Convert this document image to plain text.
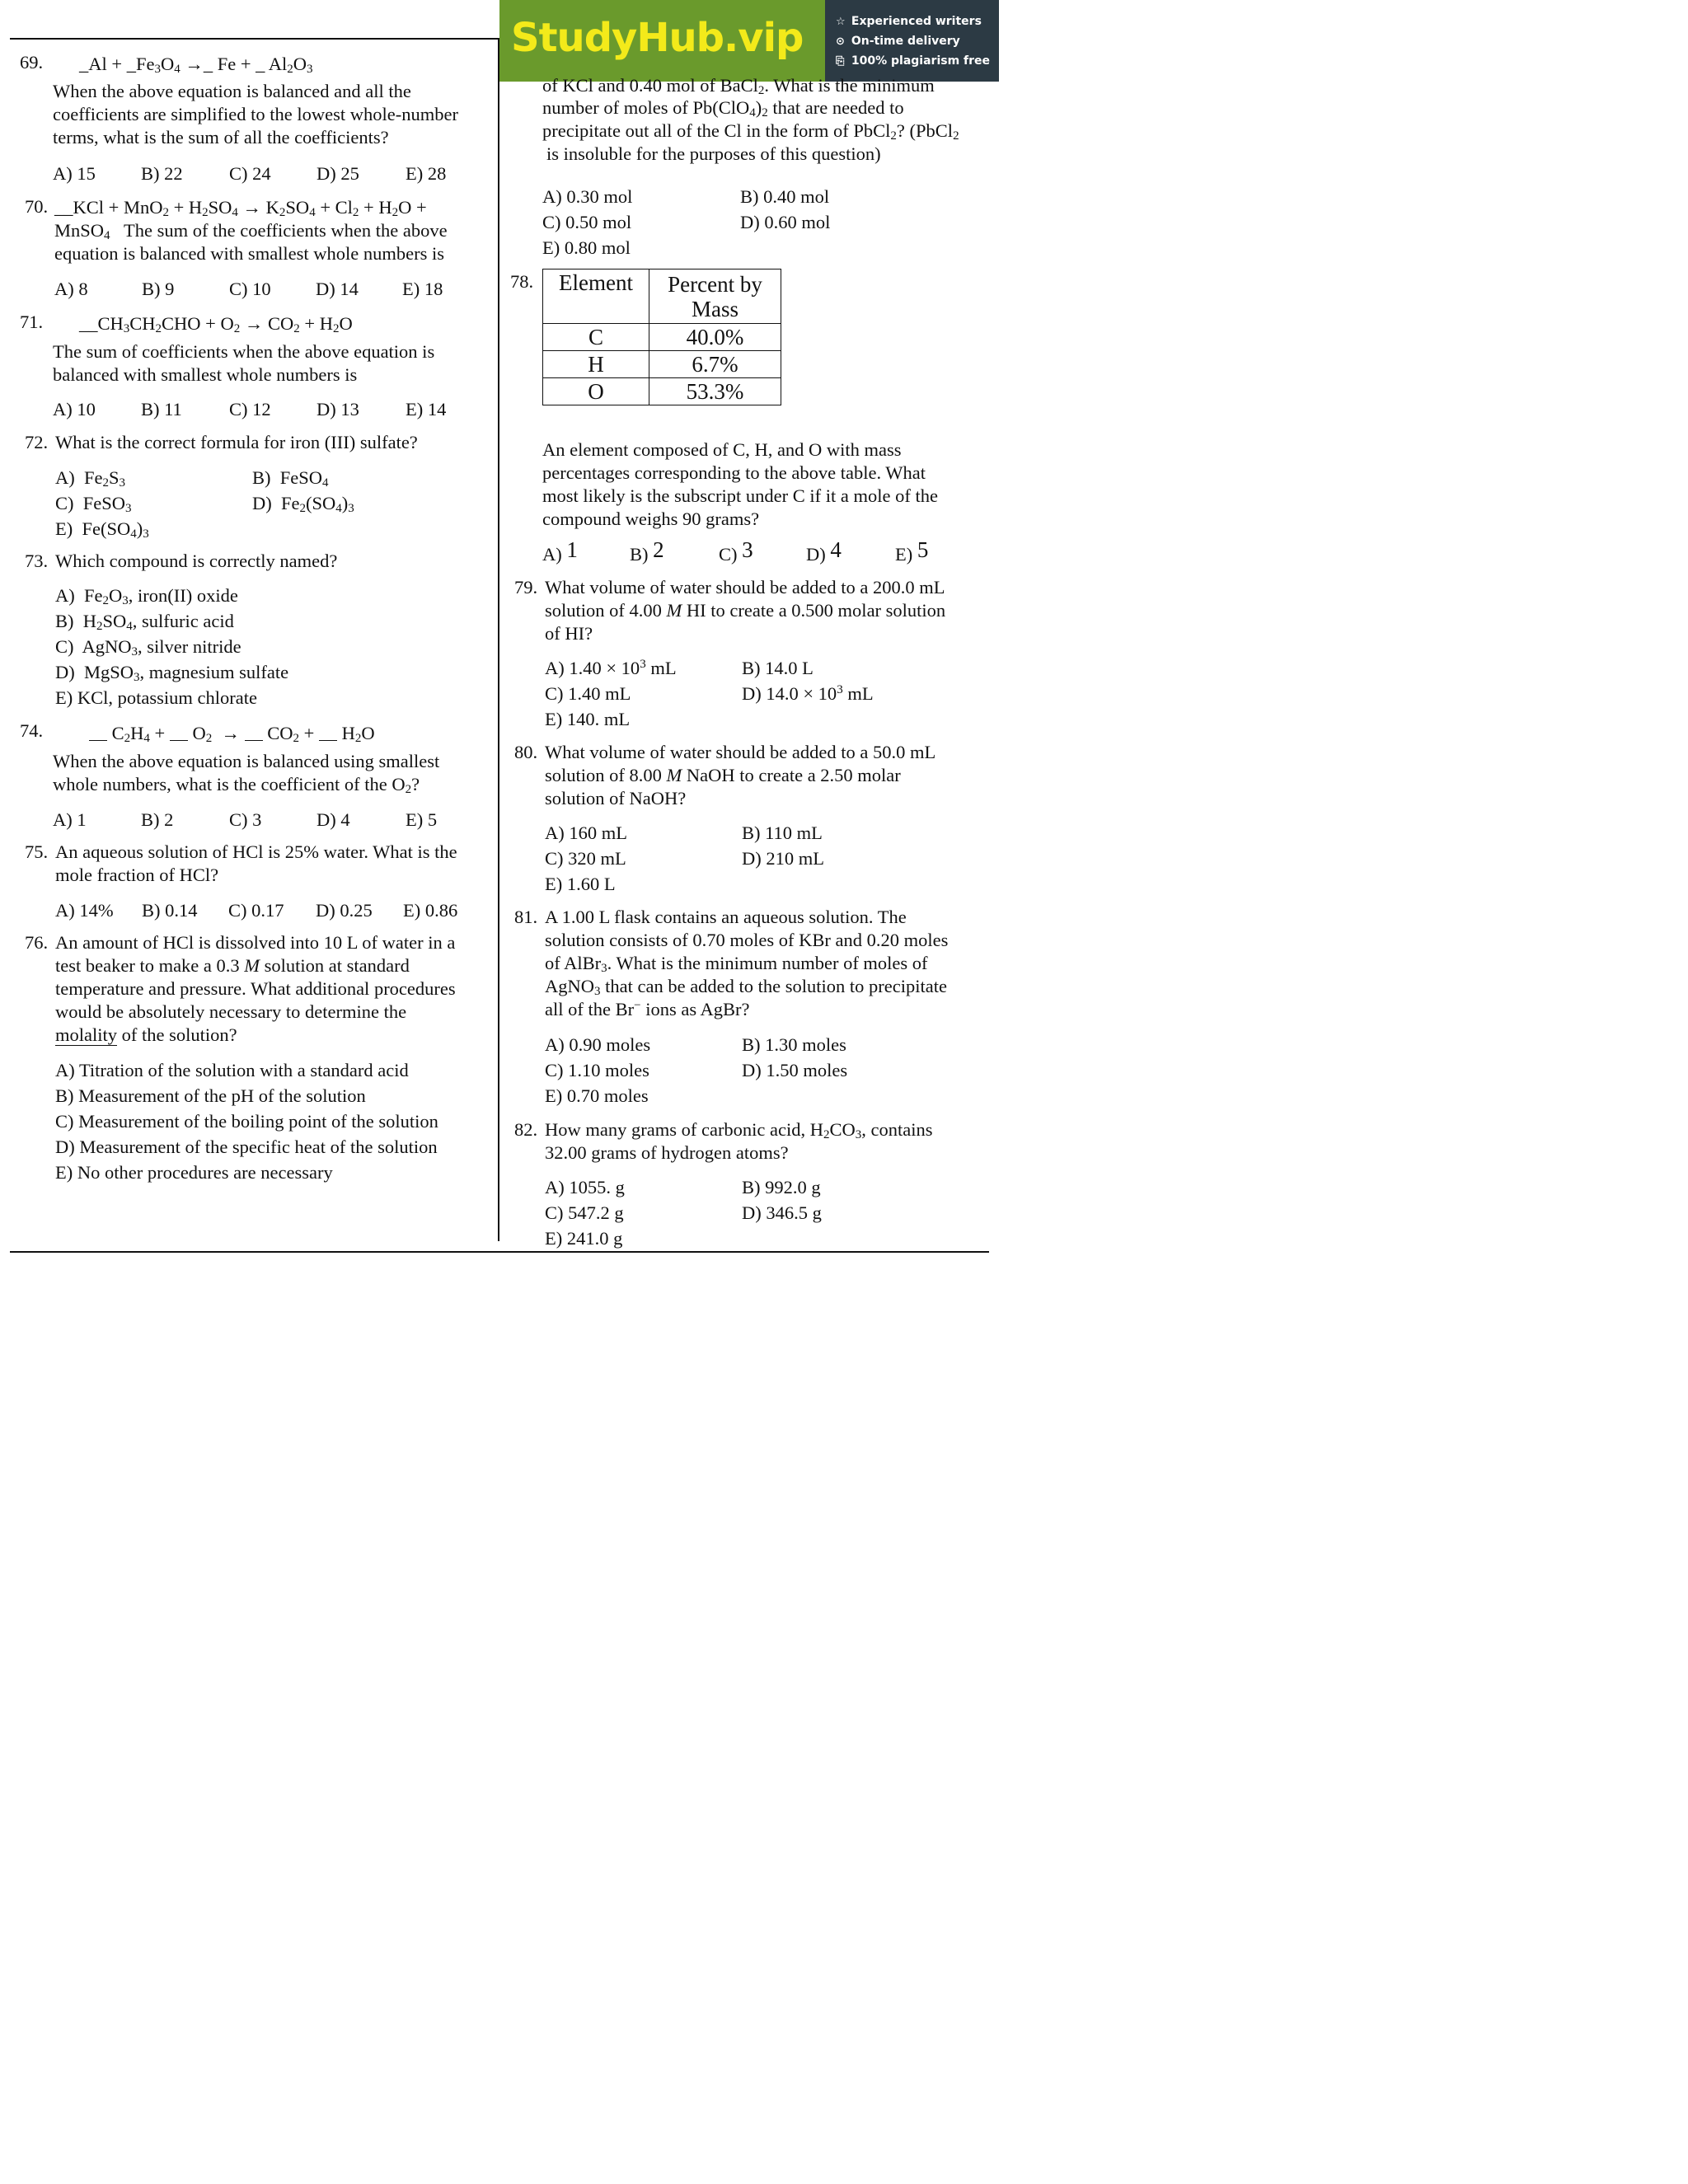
StudyHub.vip	☆ Experienced writers
⊙ On-time delivery
⎘ 100% plagiarism free
69. _Al + $\_Fe_3O_4$ →_ Fe + _ $Al_2O_3$
When the above equation is balanced and all the
coefficients are simplified to the lowest whole-number
terms, what is the sum of all the coefficients?
A) 15 B) 22	C) 24 D) 25 E) 28
70. __KCl + $MnO_2 + H_2SO_4 \to K_2SO_4 + Cl_2 + H_2O$ +
MnSO$_4$ The sum of the coefficients when the above
equation is balanced with smallest whole numbers is
A) 8	B) 9	C) 10 D) 14 E) 18
71. $\_\_CH_3CH_2CHO + O_2 \to CO_2 + H_2O$
The sum of coefficients when the above equation is
balanced with smallest whole numbers is
A) 10 B) 11	C) 12 D) 13 E) 14
72. What is the correct formula for iron (III) sulfate?
A)  $Fe_2S_3$	B)  FeSO$_4$
C)  FeSO$_3$	D)  $Fe_2(SO_4)_3$
E)  $Fe(SO_4)_3$
73. Which compound is correctly named?
A)  $Fe_2O_3$, iron(II) oxide
B)  $H_2SO_4$, sulfuric acid
C)  AgNO$_3$, silver nitride
D)  MgSO$_3$, magnesium sulfate
E) KCl, potassium chlorate
74.	$C_2H_4 + O_2 \to CO_2 + H_2O$
When the above equation is balanced using smallest
whole numbers, what is the coefficient of the $O_2$?
A) 1	B) 2	C) 3	D) 4	E) 5
75. An aqueous solution of HCl is 25% water. What is the
mole fraction of HCl?
A) 14% B) 0.14 C) 0.17 D) 0.25 E) 0.86
76. An amount of HCl is dissolved into 10 L of water in a
test beaker to make a 0.3 M solution at standard
temperature and pressure. What additional procedures
would be absolutely necessary to determine the
molality of the solution?
A) Titration of the solution with a standard acid
B) Measurement of the pH of the solution
C) Measurement of the boiling point of the solution
D) Measurement of the specific heat of the solution
E) No other procedures are necessary
of KCl and 0.40 mol of BaCl$_2$. What is the minimum
number of moles of $Pb(ClO_4)_2$ that are needed to
precipitate out all of the Cl in the form of PbCl$_2$? (PbCl$_2$
is insoluble for the purposes of this question)
A) 0.30 mol	B) 0.40 mol
C) 0.50 mol	D) 0.60 mol
E) 0.80 mol
78. Element	Percent by
Mass
C	40.0%
H	6.7%
O	53.3%
An element composed of C, H, and O with mass
percentages corresponding to the above table. What
most likely is the subscript under C if it a mole of the
compound weighs 90 grams?
A) 1	B) 2	C) 3	D) 4	E) 5
79. What volume of water should be added to a 200.0 mL
solution of 4.00 M HI to create a 0.500 molar solution
of HI?
A) $1.40 \times 10^3$ mL	B) 14.0 L
C) 1.40 mL	D) $14.0 \times 10^3$ mL
E) 140. mL
80. What volume of water should be added to a 50.0 mL
solution of 8.00 M NaOH to create a 2.50 molar
solution of NaOH?
A) 160 mL	B) 110 mL
C) 320 mL	D) 210 mL
E) 1.60 L
81. A 1.00 L flask contains an aqueous solution. The
solution consists of 0.70 moles of KBr and 0.20 moles
of AlBr$_3$. What is the minimum number of moles of
AgNO$_3$ that can be added to the solution to precipitate
all of the Br− ions as AgBr?
A) 0.90 moles	B) 1.30 moles
C) 1.10 moles	D) 1.50 moles
E) 0.70 moles
82. How many grams of carbonic acid, $H_2CO_3$, contains
32.00 grams of hydrogen atoms?
A) 1055. g	B) 992.0 g
C) 547.2 g	D) 346.5 g
E) 241.0 g
